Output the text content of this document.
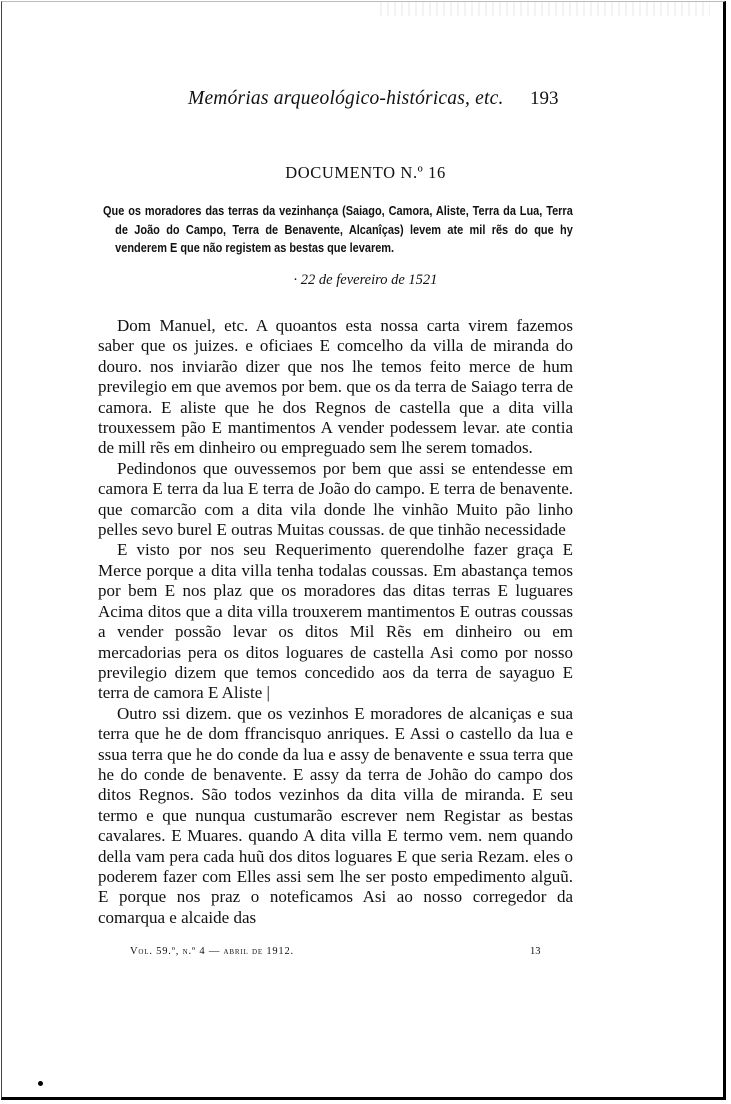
Memórias arqueológico-históricas, etc. 193
DOCUMENTO N.º 16
Que os moradores das terras da vezinhança (Saiago, Camora, Aliste, Terra da Lua, Terra de João do Campo, Terra de Benavente, Alcanîças) levem ate mil rẽs do que hy venderem E que não registem as bestas que levarem.
· 22 de fevereiro de 1521

Dom Manuel, etc. A quoantos esta nossa carta virem fazemos saber que os juizes. e oficiaes E comcelho da villa de miranda do douro. nos inviarão dizer que nos lhe temos feito merce de hum previlegio em que avemos por bem. que os da terra de Saiago terra de camora. E aliste que he dos Regnos de castella que a dita villa trouxessem pão E mantimentos A vender podessem levar. ate contia de mill rẽs em dinheiro ou empreguado sem lhe serem tomados.

Pedindonos que ouvessemos por bem que assi se entendesse em camora E terra da lua E terra de João do campo. E terra de benavente. que comarcão com a dita vila donde lhe vinhão Muito pão linho pelles sevo burel E outras Muitas coussas. de que tinhão necessidade

E visto por nos seu Requerimento querendolhe fazer graça E Merce porque a dita villa tenha todalas coussas. Em abastança temos por bem E nos plaz que os moradores das ditas terras E luguares Acima ditos que a dita villa trouxerem mantimentos E outras coussas a vender possão levar os ditos Mil Rẽs em dinheiro ou em mercadorias pera os ditos loguares de castella Asi como por nosso previlegio dizem que temos concedido aos da terra de sayaguo E terra de camora E Aliste |

Outro ssi dizem. que os vezinhos E moradores de alcaniças e sua terra que he de dom ffrancisquo anriques. E Assi o castello da lua e ssua terra que he do conde da lua e assy de benavente e ssua terra que he do conde de benavente. E assy da terra de Johão do campo dos ditos Regnos. São todos vezinhos da dita villa de miranda. E seu termo e que nunqua custumarão escrever nem Registar as bestas cavalares. E Muares. quando A dita villa E termo vem. nem quando della vam pera cada huũ dos ditos loguares E que seria Rezam. eles o poderem fazer com Elles assi sem lhe ser posto empedimento alguũ. E porque nos praz o noteficamos Asi ao nosso corregedor da comarqua e alcaide das

Vol. 59.º, n.º 4 — abril de 1912.	13
